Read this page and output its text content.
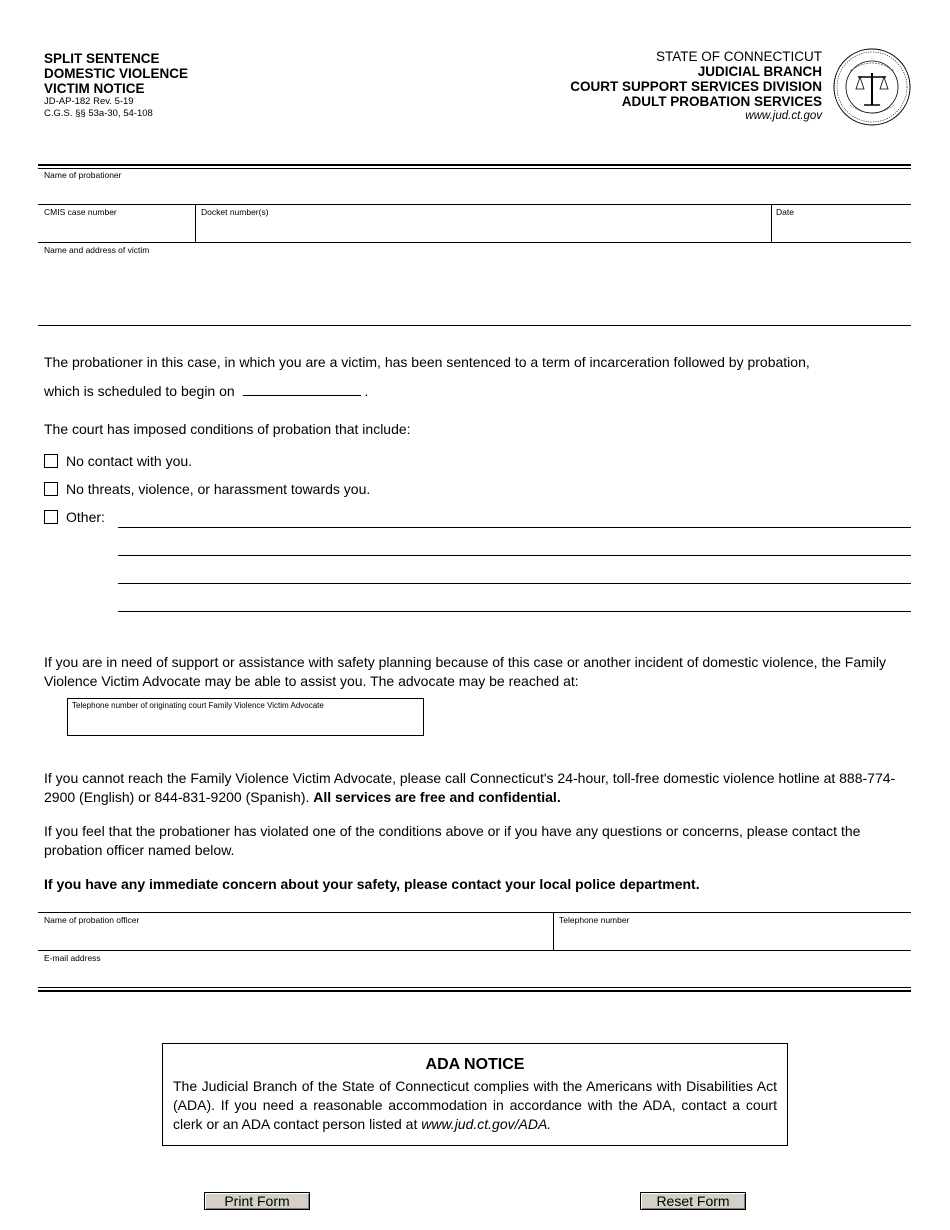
SPLIT SENTENCE
DOMESTIC VIOLENCE
VICTIM NOTICE
JD-AP-182 Rev. 5-19
C.G.S. §§ 53a-30, 54-108
STATE OF CONNECTICUT
JUDICIAL BRANCH
COURT SUPPORT SERVICES DIVISION
ADULT PROBATION SERVICES
www.jud.ct.gov
Name of probationer
CMIS case number	Docket number(s)	Date
Name and address of victim
The probationer in this case, in which you are a victim, has been sentenced to a term of incarceration followed by probation,
which is scheduled to begin on	.
The court has imposed conditions of probation that include:
No contact with you.
No threats, violence, or harassment towards you.
Other:
If you are in need of support or assistance with safety planning because of this case or another incident of domestic violence, the Family Violence Victim Advocate may be able to assist you. The advocate may be reached at:
Telephone number of originating court Family Violence Victim Advocate
If you cannot reach the Family Violence Victim Advocate, please call Connecticut's 24-hour, toll-free domestic violence hotline at 888-774-2900 (English) or 844-831-9200 (Spanish). All services are free and confidential.
If you feel that the probationer has violated one of the conditions above or if you have any questions or concerns, please contact the probation officer named below.
If you have any immediate concern about your safety, please contact your local police department.
Name of probation officer	Telephone number
E-mail address
ADA NOTICE
The Judicial Branch of the State of Connecticut complies with the Americans with Disabilities Act (ADA). If you need a reasonable accommodation in accordance with the ADA, contact a court clerk or an ADA contact person listed at www.jud.ct.gov/ADA.
Print Form	Reset Form
